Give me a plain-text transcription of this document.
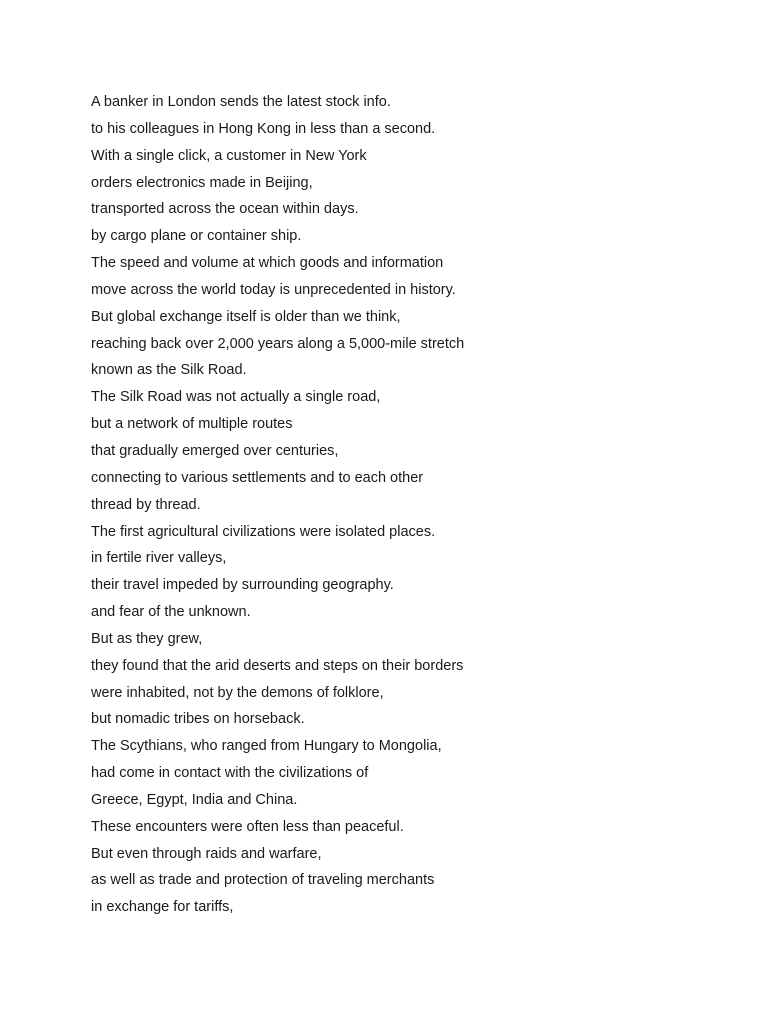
A banker in London sends the latest stock info.

to his colleagues in Hong Kong in less than a second.

With a single click, a customer in New York

orders electronics made in Beijing,

transported across the ocean within days.

by cargo plane or container ship.

The speed and volume at which goods and information

move across the world today is unprecedented in history.

But global exchange itself is older than we think,

reaching back over 2,000 years along a 5,000-mile stretch

known as the Silk Road.

The Silk Road was not actually a single road,

but a network of multiple routes

that gradually emerged over centuries,

connecting to various settlements and to each other

thread by thread.

The first agricultural civilizations were isolated places.

in fertile river valleys,

their travel impeded by surrounding geography.

and fear of the unknown.

But as they grew,

they found that the arid deserts and steps on their borders

were inhabited, not by the demons of folklore,

but nomadic tribes on horseback.

The Scythians, who ranged from Hungary to Mongolia,

had come in contact with the civilizations of

Greece, Egypt, India and China.

These encounters were often less than peaceful.

But even through raids and warfare,

as well as trade and protection of traveling merchants

in exchange for tariffs,
